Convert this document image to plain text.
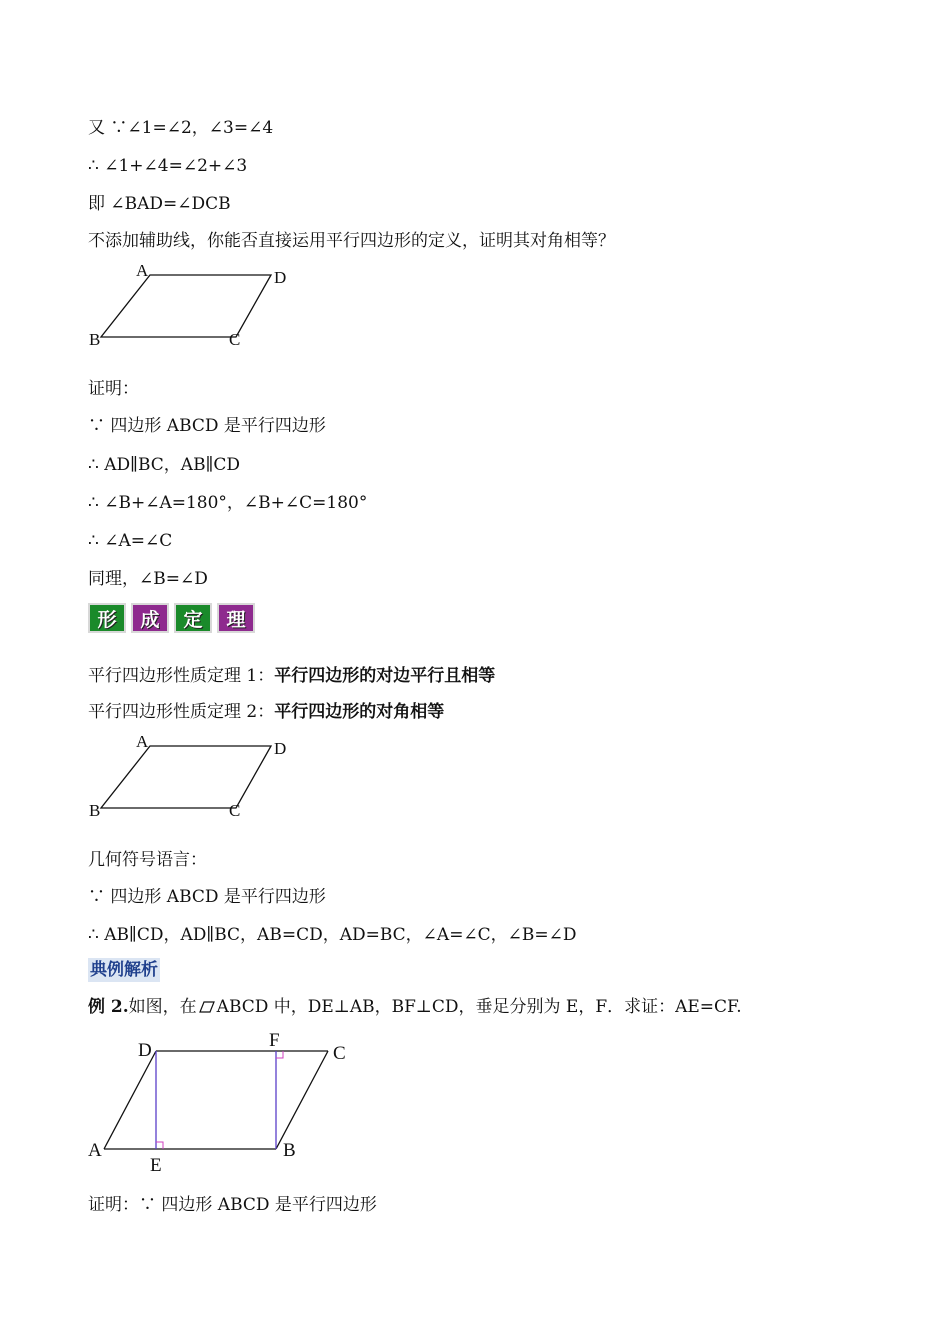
又 ∵∠1=∠2，∠3=∠4
∴ ∠1+∠4=∠2+∠3
即 ∠BAD=∠DCB
不添加辅助线，你能否直接运用平行四边形的定义，证明其对角相等？
A	D
B	C
证明：
∵ 四边形 ABCD 是平行四边形
∴ AD∥BC，AB∥CD
∴ ∠B+∠A=180°，∠B+∠C=180°
∴ ∠A=∠C
同理，∠B=∠D
形	成	定	理
平行四边形性质定理 1：平行四边形的对边平行且相等
平行四边形性质定理 2：平行四边形的对角相等
A	D
B	C
几何符号语言：
∵ 四边形 ABCD 是平行四边形
∴ AB∥CD，AD∥BC，AB=CD，AD=BC，∠A=∠C，∠B=∠D
典例解析
例 2.如图，在 ABCD 中，DE⊥AB，BF⊥CD，垂足分别为 E，F．求证：AE=CF.
D	F
C
A
E
B
证明：∵ 四边形 ABCD 是平行四边形
